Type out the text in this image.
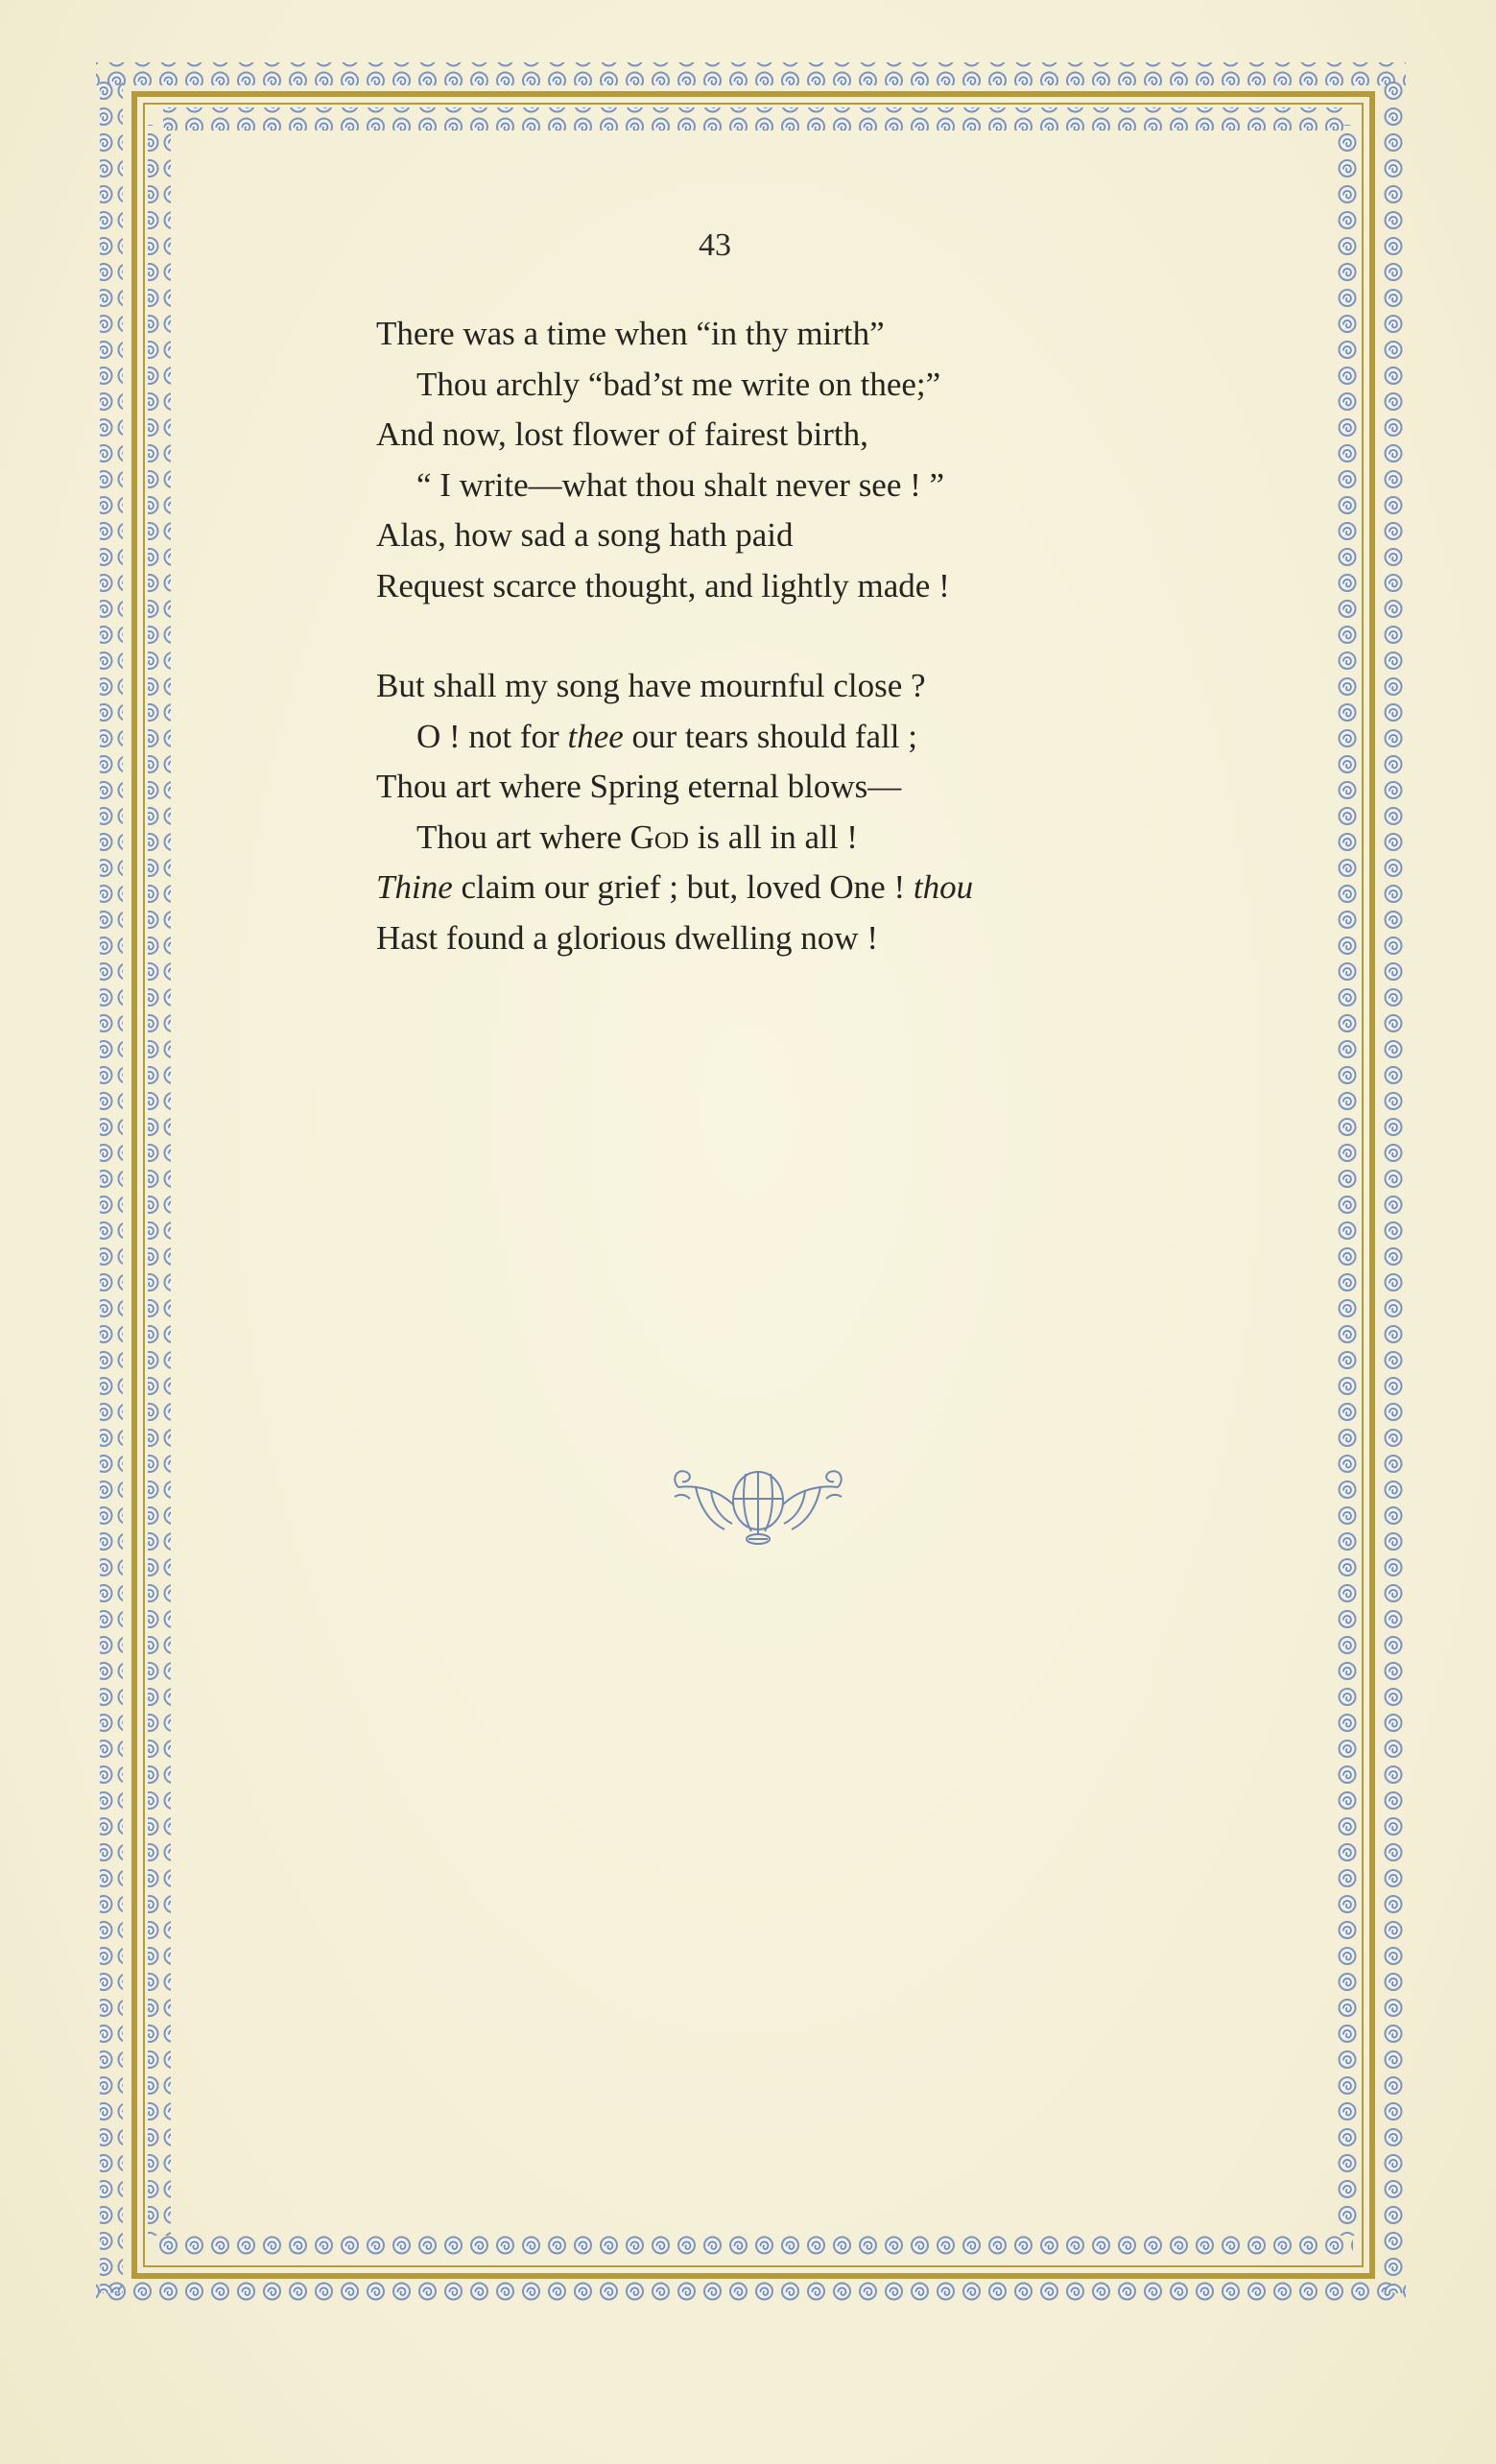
43
There was a time when “in thy mirth”
Thou archly “bad’st me write on thee;”
And now, lost flower of fairest birth,
“ I write—what thou shalt never see ! ”
Alas, how sad a song hath paid
Request scarce thought, and lightly made !
But shall my song have mournful close ?
O ! not for thee our tears should fall ;
Thou art where Spring eternal blows—
Thou art where God is all in all !
Thine claim our grief ; but, loved One ! thou
Hast found a glorious dwelling now !
